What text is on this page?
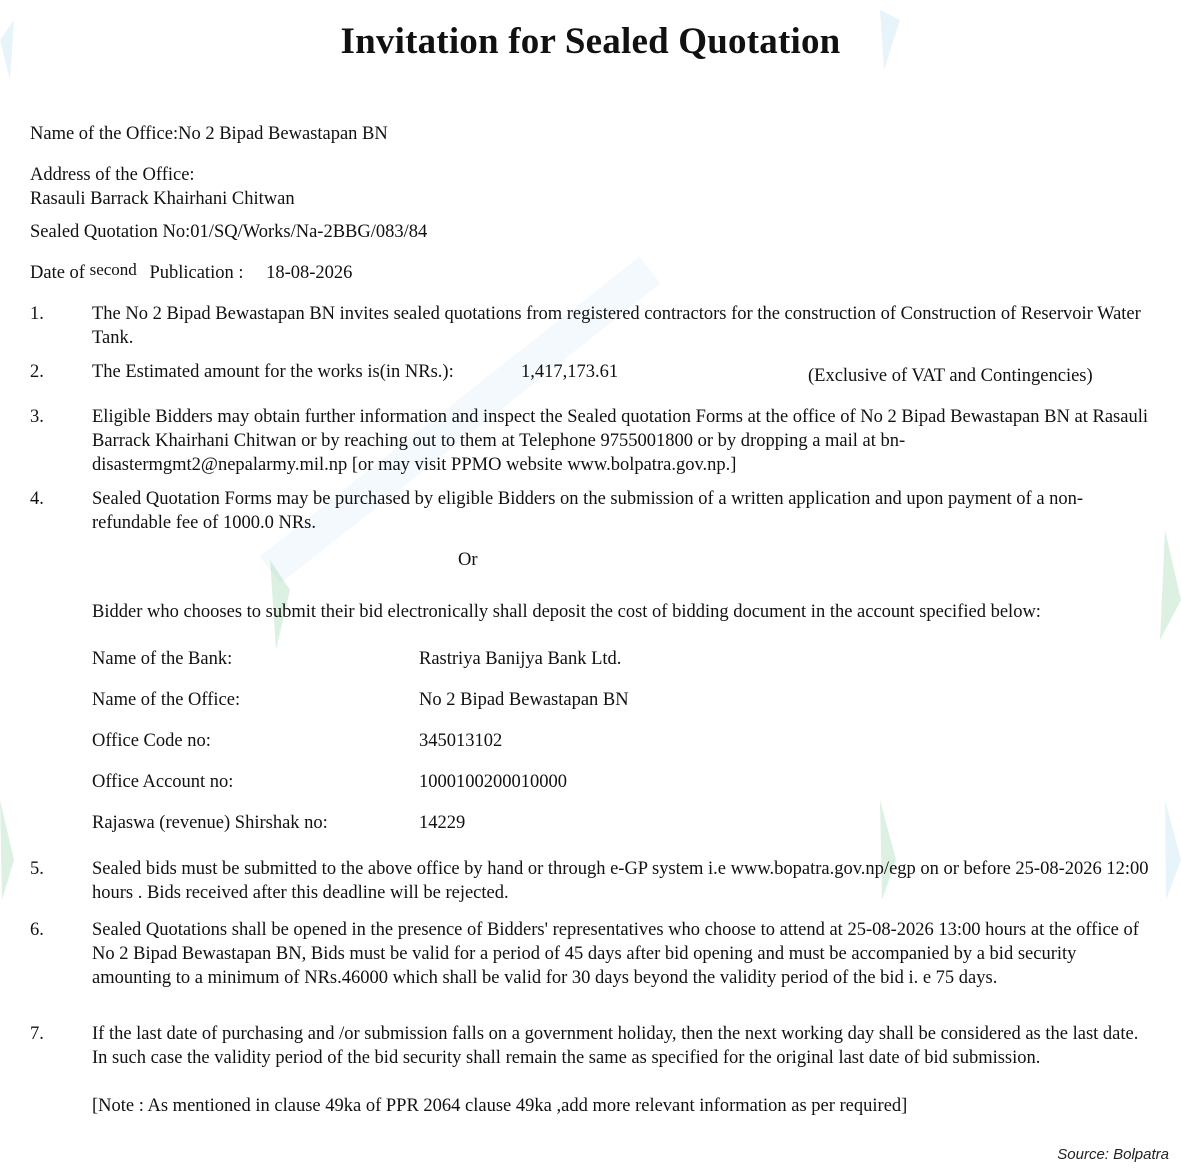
Invitation for Sealed Quotation
Name of the Office:No 2 Bipad Bewastapan BN
Address of the Office:
Rasauli Barrack Khairhani Chitwan
Sealed Quotation No:01/SQ/Works/Na-2BBG/083/84
Date of second Publication : 18-08-2026
1.	The No 2 Bipad Bewastapan BN invites sealed quotations from registered contractors for the construction of Construction of Reservoir Water Tank.
2.	The Estimated amount for the works is(in NRs.):	1,417,173.61	(Exclusive of VAT and Contingencies)
3.	Eligible Bidders may obtain further information and inspect the Sealed quotation Forms at the office of No 2 Bipad Bewastapan BN at Rasauli Barrack Khairhani Chitwan or by reaching out to them at Telephone 9755001800 or by dropping a mail at bn-disastermgmt2@nepalarmy.mil.np [or may visit PPMO website www.bolpatra.gov.np.]
4.	Sealed Quotation Forms may be purchased by eligible Bidders on the submission of a written application and upon payment of a non-refundable fee of 1000.0 NRs.
Or
Bidder who chooses to submit their bid electronically shall deposit the cost of bidding document in the account specified below:
Name of the Bank:	Rastriya Banijya Bank Ltd.
Name of the Office:	No 2 Bipad Bewastapan BN
Office Code no:	345013102
Office Account no:	1000100200010000
Rajaswa (revenue) Shirshak no:	14229
5.	Sealed bids must be submitted to the above office by hand or through e-GP system i.e www.bopatra.gov.np/egp on or before 25-08-2026 12:00 hours . Bids received after this deadline will be rejected.
6.	Sealed Quotations shall be opened in the presence of Bidders' representatives who choose to attend at 25-08-2026 13:00 hours at the office of No 2 Bipad Bewastapan BN, Bids must be valid for a period of 45 days after bid opening and must be accompanied by a bid security amounting to a minimum of NRs.46000 which shall be valid for 30 days beyond the validity period of the bid i. e 75 days.
7.	If the last date of purchasing and /or submission falls on a government holiday, then the next working day shall be considered as the last date. In such case the validity period of the bid security shall remain the same as specified for the original last date of bid submission.
[Note : As mentioned in clause 49ka of PPR 2064 clause 49ka ,add more relevant information as per required]
Source: Bolpatra
